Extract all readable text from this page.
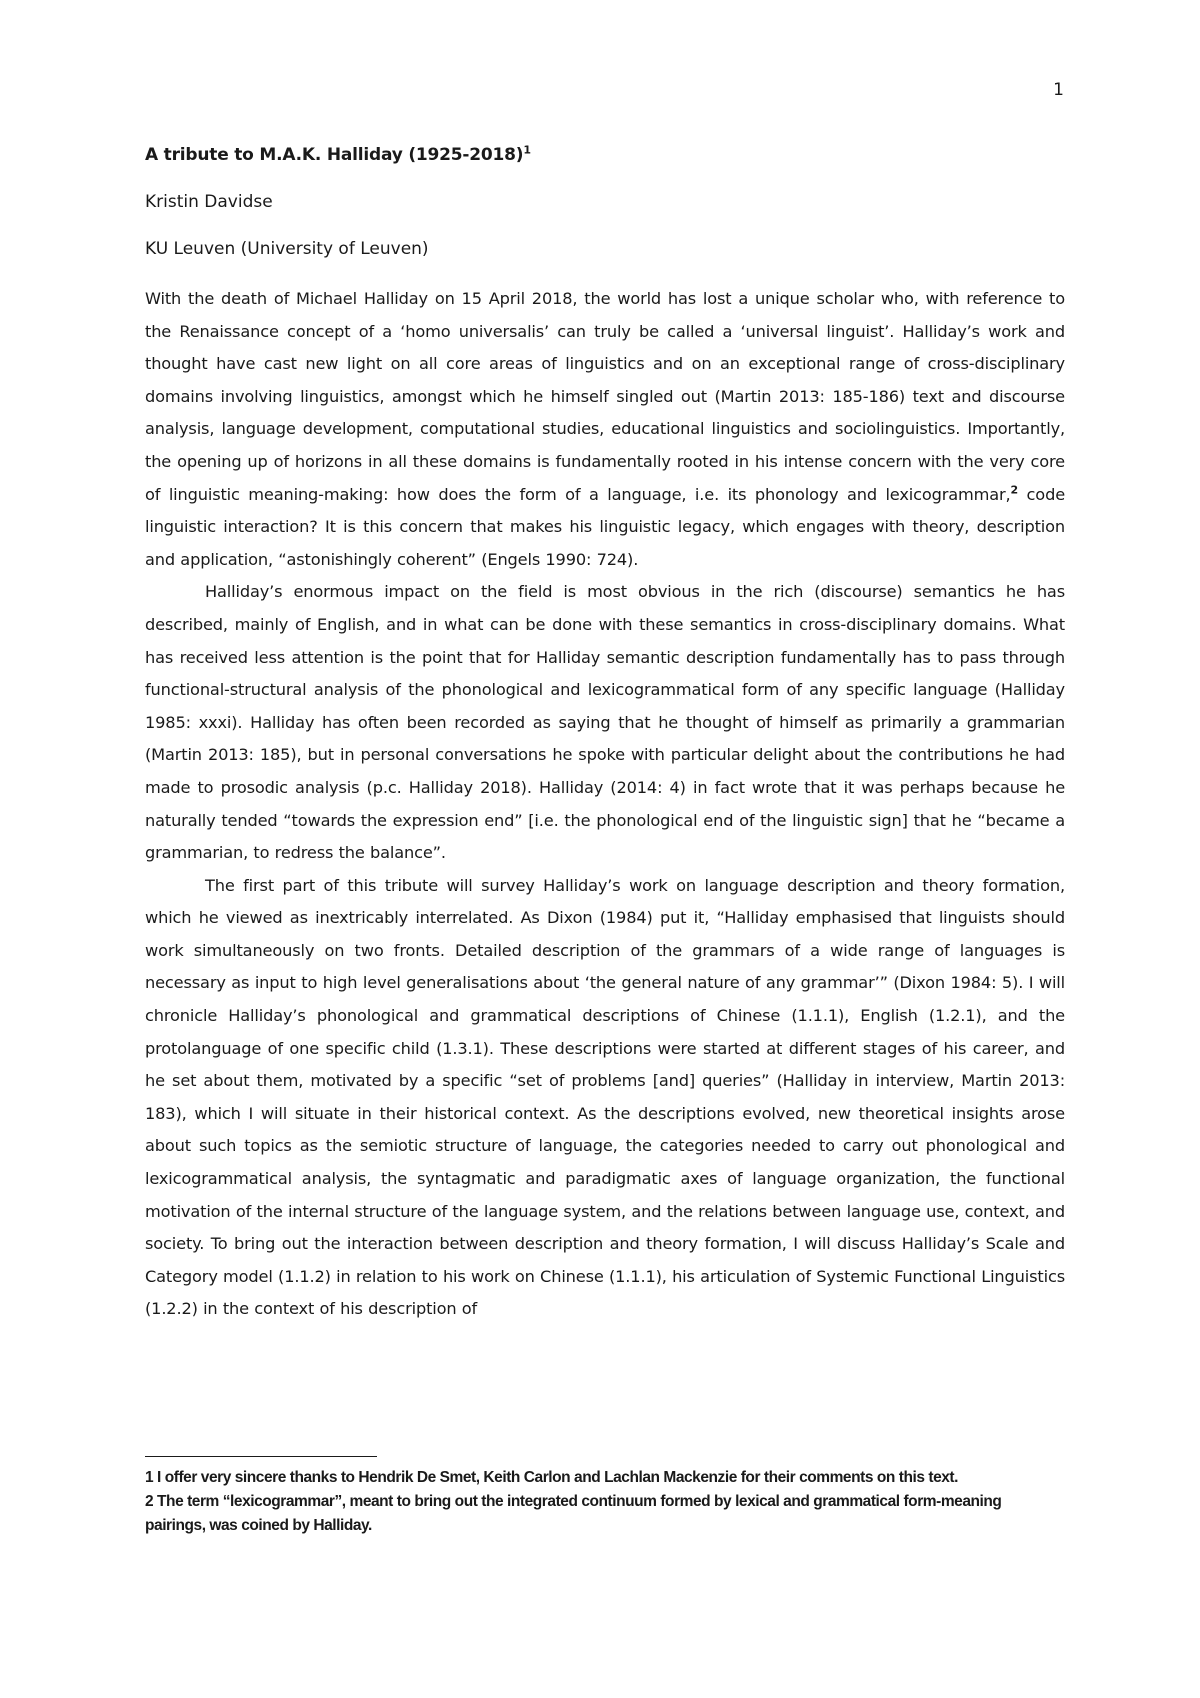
1

A tribute to M.A.K. Halliday (1925-2018)$^1$

Kristin Davidse

KU Leuven (University of Leuven)

With the death of Michael Halliday on 15 April 2018, the world has lost a unique scholar who, with reference to the Renaissance concept of a ‘homo universalis’ can truly be called a ‘universal linguist’. Halliday’s work and thought have cast new light on all core areas of linguistics and on an exceptional range of cross-disciplinary domains involving linguistics, amongst which he himself singled out (Martin 2013: 185-186) text and discourse analysis, language development, computational studies, educational linguistics and sociolinguistics. Importantly, the opening up of horizons in all these domains is fundamentally rooted in his intense concern with the very core of linguistic meaning-making: how does the form of a language, i.e. its phonology and lexicogrammar,$^2$ code linguistic interaction? It is this concern that makes his linguistic legacy, which engages with theory, description and application, “astonishingly coherent” (Engels 1990: 724).

Halliday’s enormous impact on the field is most obvious in the rich (discourse) semantics he has described, mainly of English, and in what can be done with these semantics in cross-disciplinary domains. What has received less attention is the point that for Halliday semantic description fundamentally has to pass through functional-structural analysis of the phonological and lexicogrammatical form of any specific language (Halliday 1985: xxxi). Halliday has often been recorded as saying that he thought of himself as primarily a grammarian (Martin 2013: 185), but in personal conversations he spoke with particular delight about the contributions he had made to prosodic analysis (p.c. Halliday 2018). Halliday (2014: 4) in fact wrote that it was perhaps because he naturally tended “towards the expression end” [i.e. the phonological end of the linguistic sign] that he “became a grammarian, to redress the balance”.

The first part of this tribute will survey Halliday’s work on language description and theory formation, which he viewed as inextricably interrelated. As Dixon (1984) put it, “Halliday emphasised that linguists should work simultaneously on two fronts. Detailed description of the grammars of a wide range of languages is necessary as input to high level generalisations about ‘the general nature of any grammar’” (Dixon 1984: 5). I will chronicle Halliday’s phonological and grammatical descriptions of Chinese (1.1.1), English (1.2.1), and the protolanguage of one specific child (1.3.1). These descriptions were started at different stages of his career, and he set about them, motivated by a specific “set of problems [and] queries” (Halliday in interview, Martin 2013: 183), which I will situate in their historical context. As the descriptions evolved, new theoretical insights arose about such topics as the semiotic structure of language, the categories needed to carry out phonological and lexicogrammatical analysis, the syntagmatic and paradigmatic axes of language organization, the functional motivation of the internal structure of the language system, and the relations between language use, context, and society. To bring out the interaction between description and theory formation, I will discuss Halliday’s Scale and Category model (1.1.2) in relation to his work on Chinese (1.1.1), his articulation of Systemic Functional Linguistics (1.2.2) in the context of his description of

1 I offer very sincere thanks to Hendrik De Smet, Keith Carlon and Lachlan Mackenzie for their comments on this text.

2 The term “lexicogrammar”, meant to bring out the integrated continuum formed by lexical and grammatical form-meaning pairings, was coined by Halliday.
